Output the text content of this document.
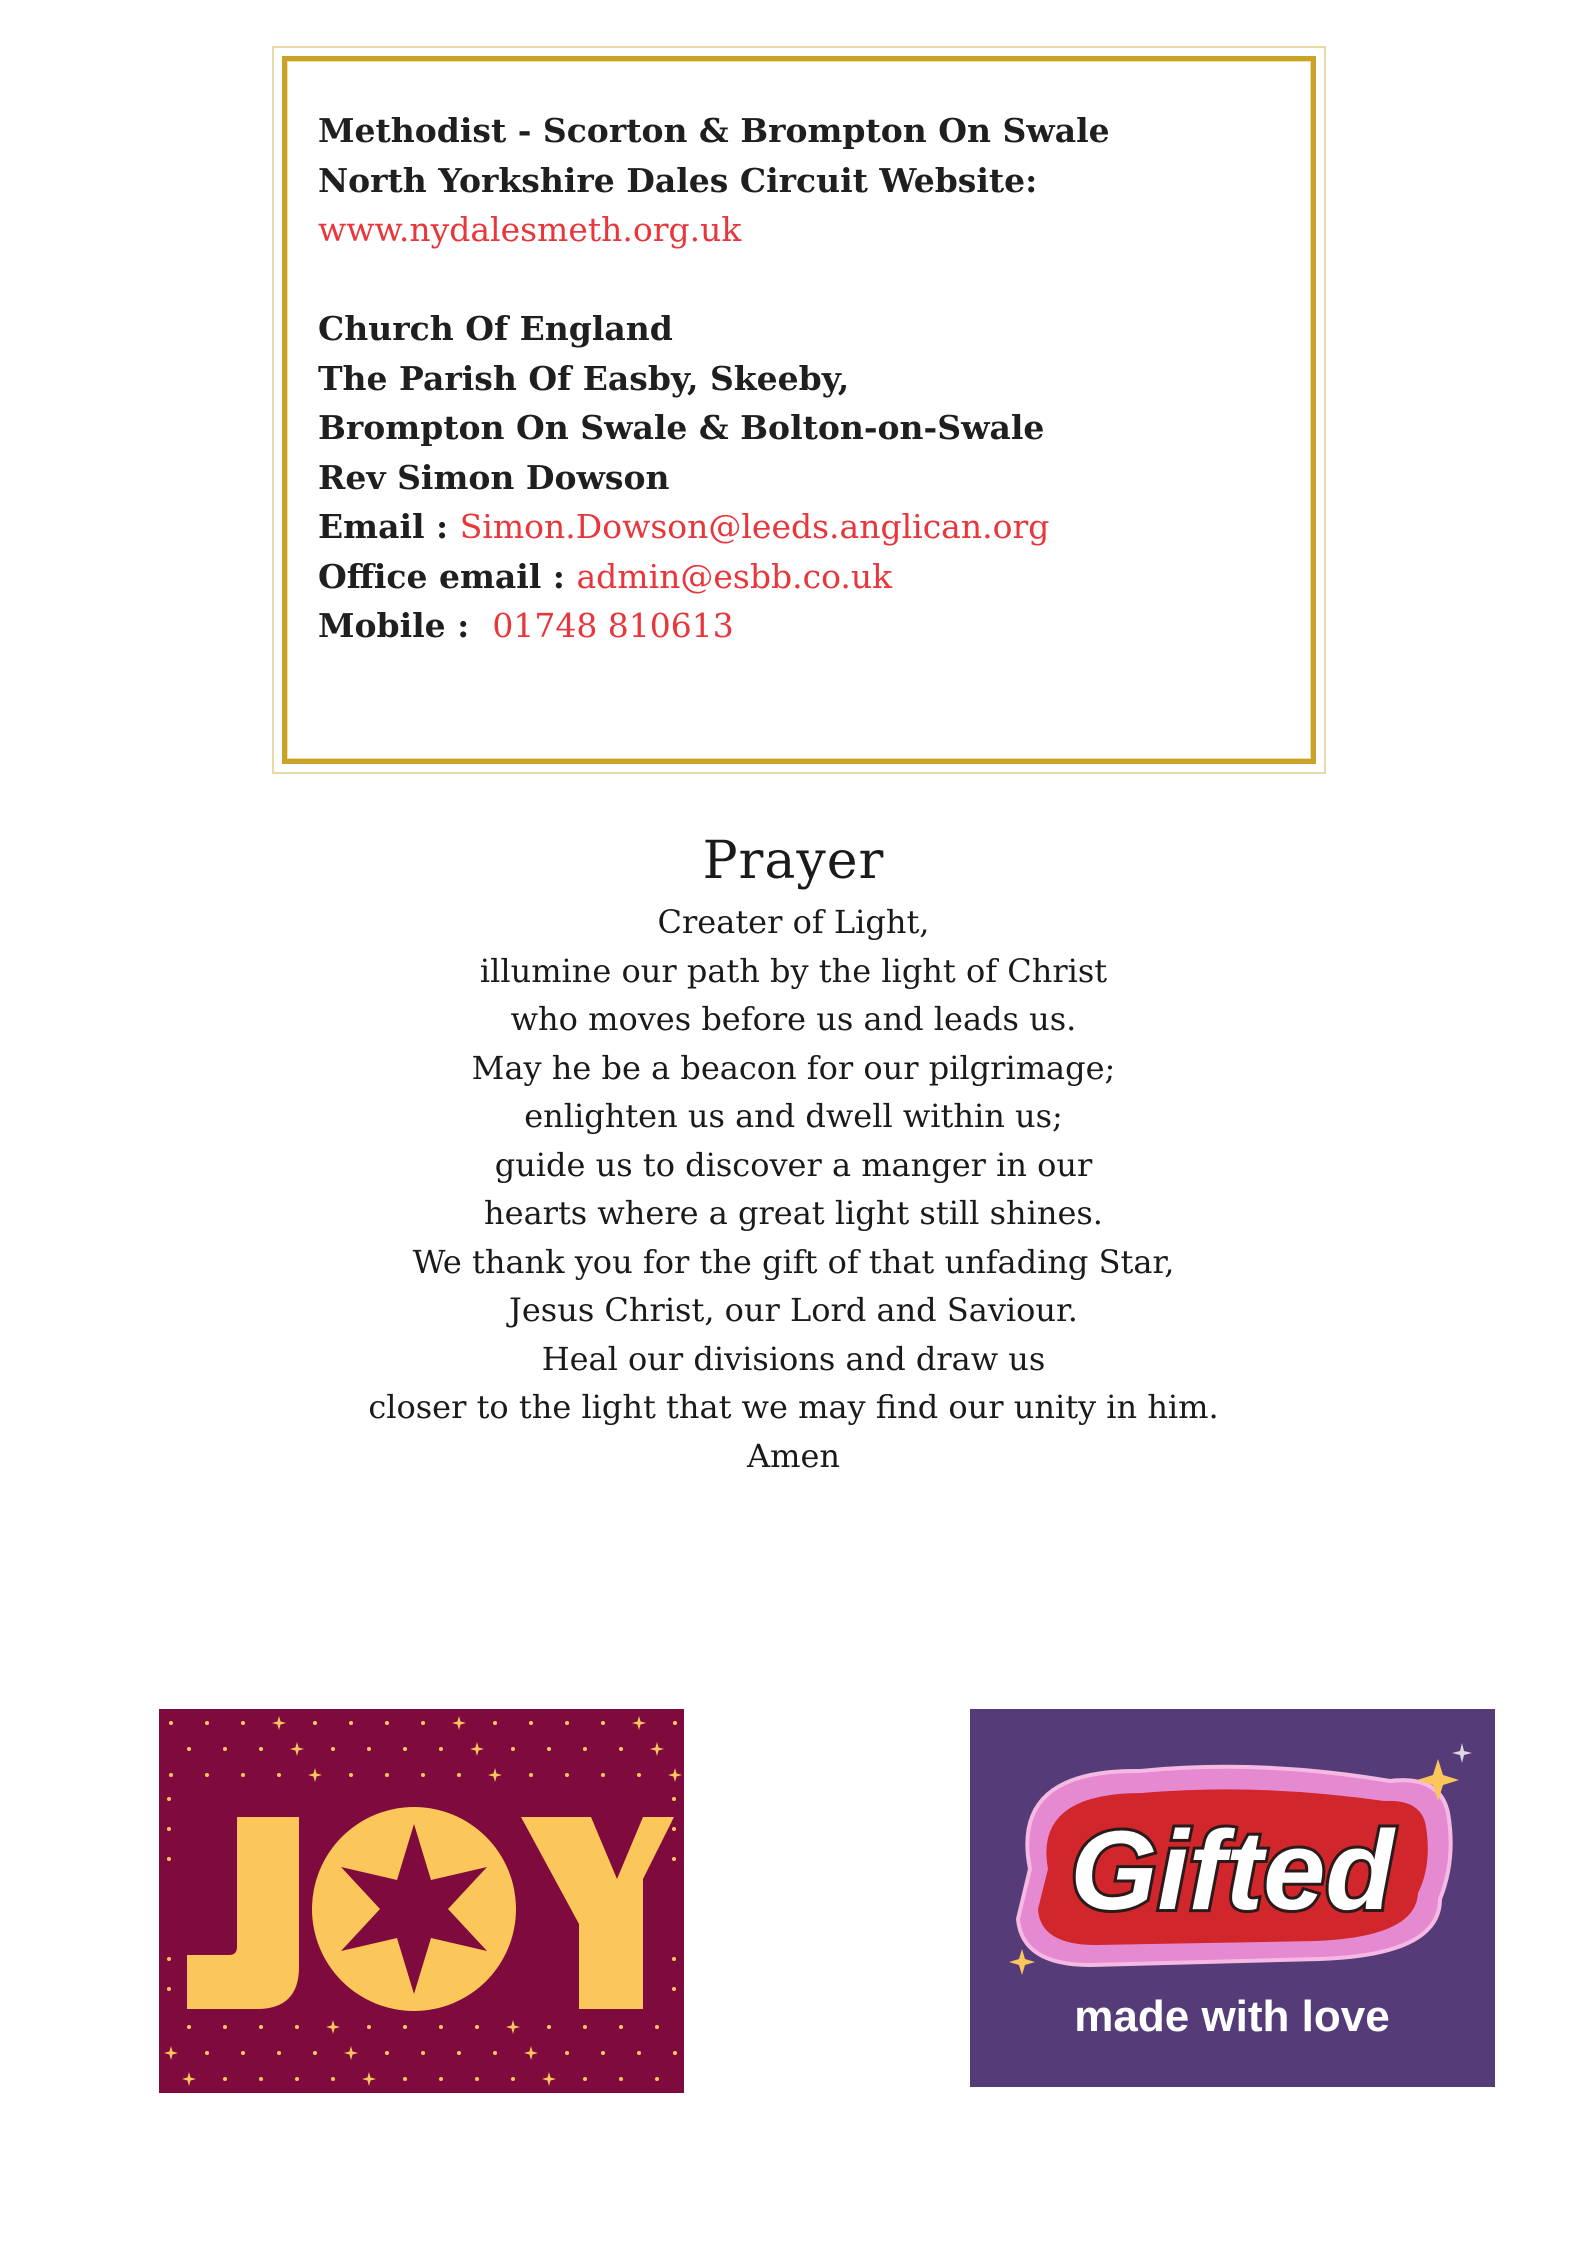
Methodist - Scorton & Brompton On Swale
North Yorkshire Dales Circuit Website:
www.nydalesmeth.org.uk
Church Of England
The Parish Of Easby, Skeeby,
Brompton On Swale & Bolton-on-Swale
Rev Simon Dowson
Email : Simon.Dowson@leeds.anglican.org
Office email : admin@esbb.co.uk
Mobile :  01748 810613
Prayer
Creater of Light,
illumine our path by the light of Christ
who moves before us and leads us.
May he be a beacon for our pilgrimage;
enlighten us and dwell within us;
guide us to discover a manger in our
hearts where a great light still shines.
We thank you for the gift of that unfading Star,
Jesus Christ, our Lord and Saviour.
Heal our divisions and draw us
closer to the light that we may find our unity in him.
Amen
Gifted
made with love
